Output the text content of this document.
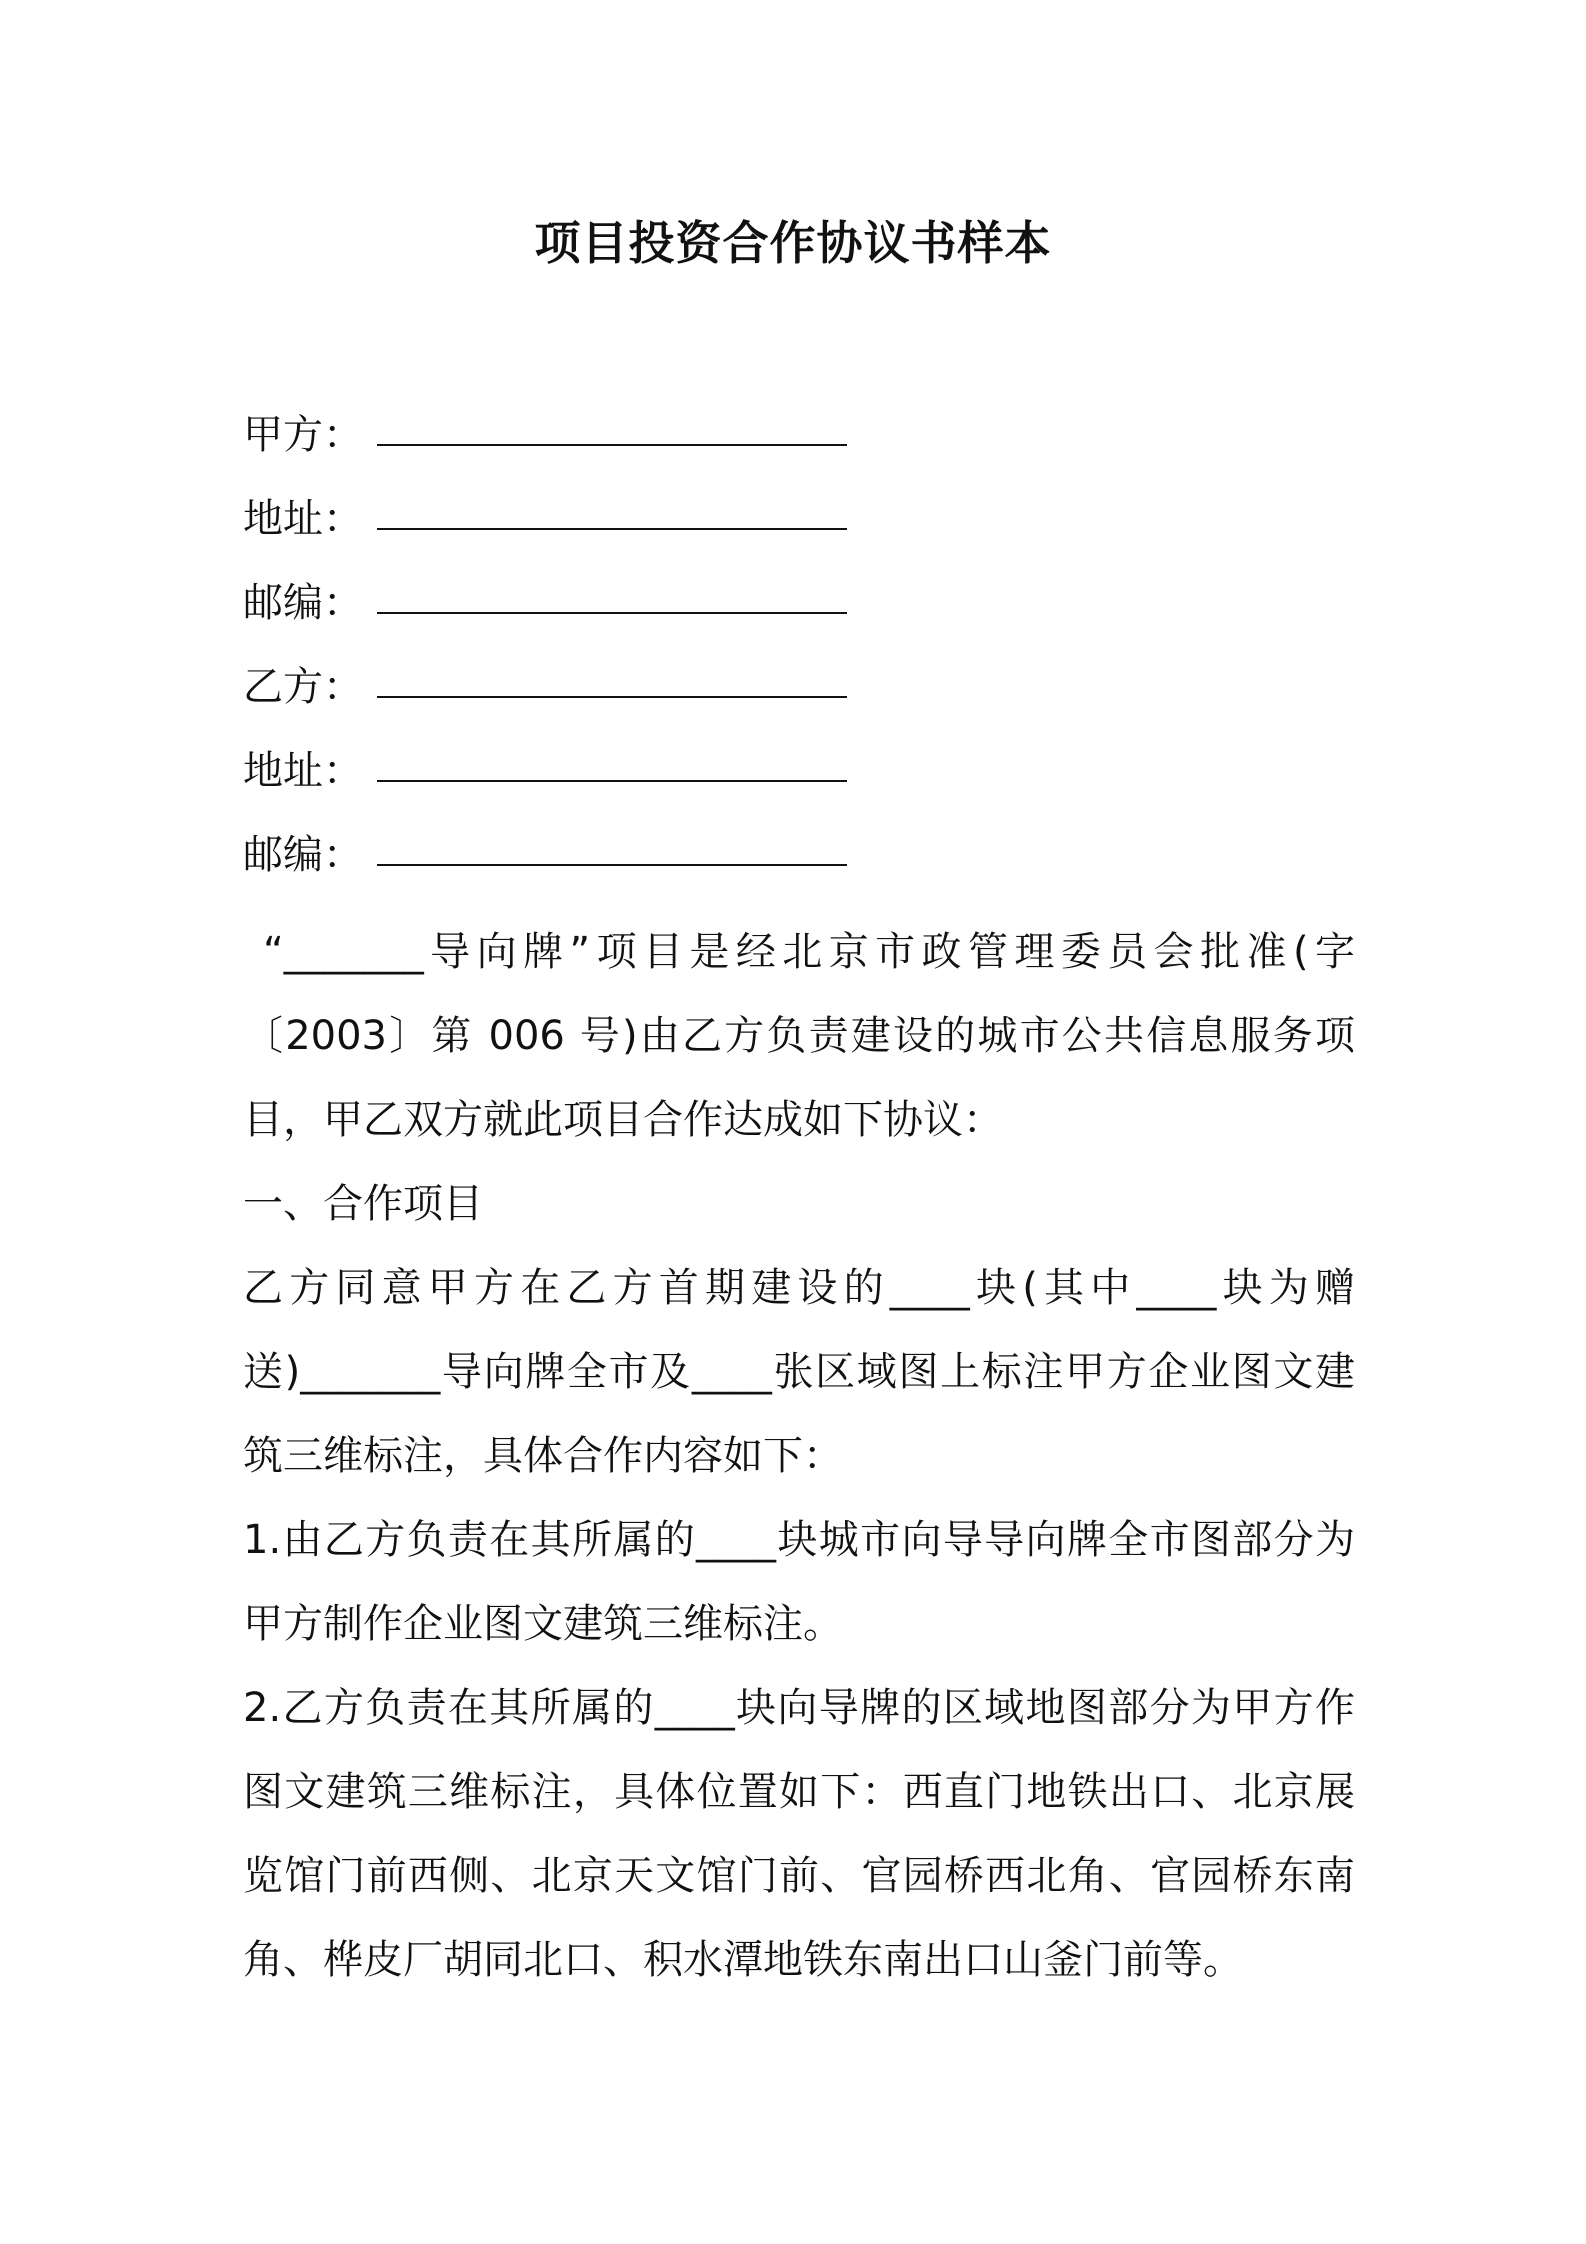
项目投资合作协议书样本
甲方：
地址：
邮编：
乙方：
地址：
邮编：

“_______导向牌”项目是经北京市政管理委员会批准(字〔2003〕第 006 号)由乙方负责建设的城市公共信息服务项目，甲乙双方就此项目合作达成如下协议：

一、合作项目

乙方同意甲方在乙方首期建设的____块(其中____块为赠送)_______导向牌全市及____张区域图上标注甲方企业图文建筑三维标注，具体合作内容如下：

1.由乙方负责在其所属的____块城市向导导向牌全市图部分为甲方制作企业图文建筑三维标注。

2.乙方负责在其所属的____块向导牌的区域地图部分为甲方作图文建筑三维标注，具体位置如下：西直门地铁出口、北京展览馆门前西侧、北京天文馆门前、官园桥西北角、官园桥东南角、桦皮厂胡同北口、积水潭地铁东南出口山釜门前等。
